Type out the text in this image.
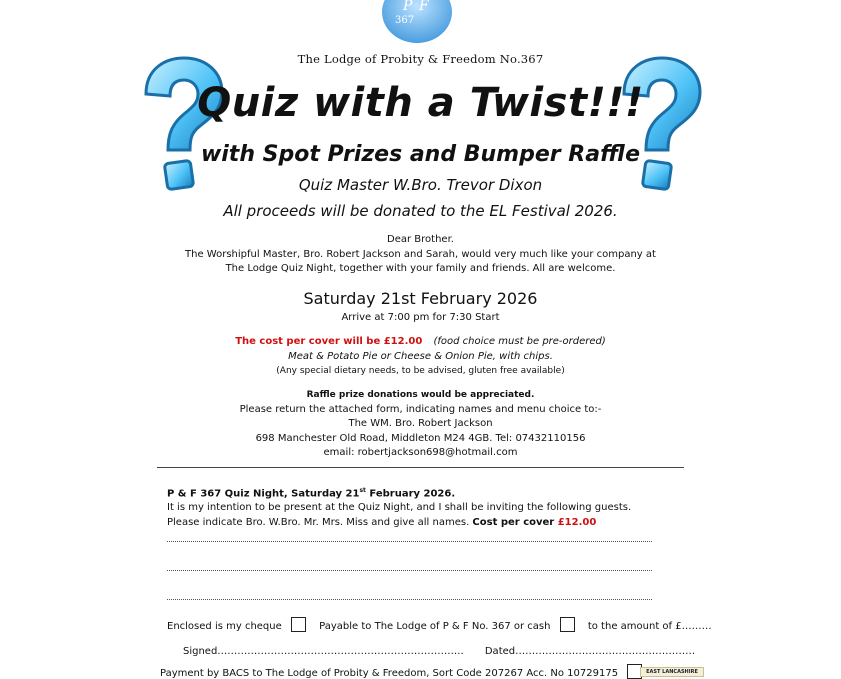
P F
367
The Lodge of Probity & Freedom No.367
Quiz with a Twist!!!
with Spot Prizes and Bumper Raffle
Quiz Master W.Bro. Trevor Dixon
All proceeds will be donated to the EL Festival 2026.
Dear Brother.
The Worshipful Master, Bro. Robert Jackson and Sarah, would very much like your company at
The Lodge Quiz Night, together with your family and friends. All are welcome.
Saturday 21st February 2026
Arrive at 7:00 pm for 7:30 Start
The cost per cover will be £12.00 (food choice must be pre-ordered)
Meat & Potato Pie or Cheese & Onion Pie, with chips.
(Any special dietary needs, to be advised, gluten free available)
Raffle prize donations would be appreciated.
Please return the attached form, indicating names and menu choice to:-
The WM. Bro. Robert Jackson
698 Manchester Old Road, Middleton M24 4GB. Tel: 07432110156
email: robertjackson698@hotmail.com
P & F 367 Quiz Night, Saturday 21st February 2026.
It is my intention to be present at the Quiz Night, and I shall be inviting the following guests.
Please indicate Bro. W.Bro. Mr. Mrs. Miss and give all names. Cost per cover £12.00
Enclosed is my cheque	Payable to The Lodge of P & F No. 367 or cash	to the amount of £………
Signed……………………………………………………………….. Dated………………………………………………
Payment by BACS to The Lodge of Probity & Freedom, Sort Code 207267 Acc. No 10729175	EAST LANCASHIRE
